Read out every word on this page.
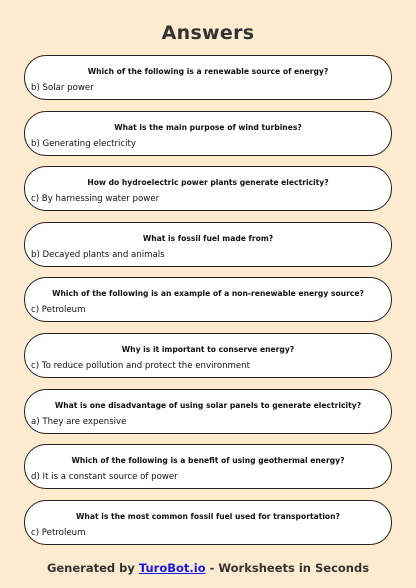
Answers
Which of the following is a renewable source of energy?
b) Solar power
What is the main purpose of wind turbines?
b) Generating electricity
How do hydroelectric power plants generate electricity?
c) By harnessing water power
What is fossil fuel made from?
b) Decayed plants and animals
Which of the following is an example of a non-renewable energy source?
c) Petroleum
Why is it important to conserve energy?
c) To reduce pollution and protect the environment
What is one disadvantage of using solar panels to generate electricity?
a) They are expensive
Which of the following is a benefit of using geothermal energy?
d) It is a constant source of power
What is the most common fossil fuel used for transportation?
c) Petroleum
Generated by TuroBot.io - Worksheets in Seconds
